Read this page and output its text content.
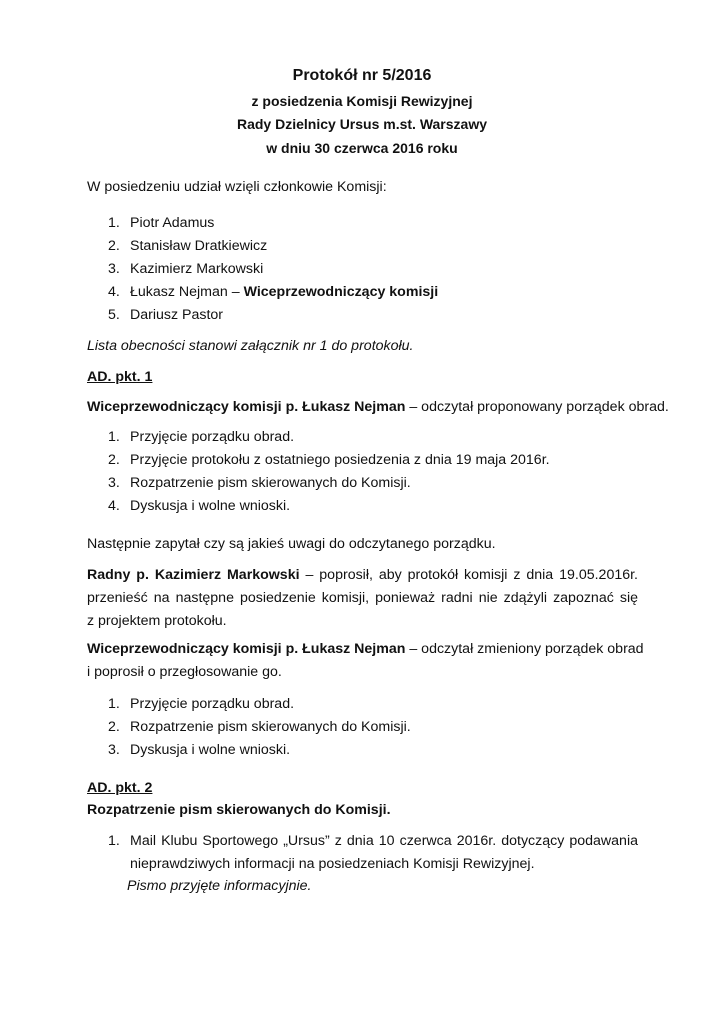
Protokół nr 5/2016
z posiedzenia Komisji Rewizyjnej
Rady Dzielnicy Ursus m.st. Warszawy
w dniu 30 czerwca 2016 roku
W posiedzeniu udział wzięli członkowie Komisji:
1. Piotr Adamus
2. Stanisław Dratkiewicz
3. Kazimierz Markowski
4. Łukasz Nejman – Wiceprzewodniczący komisji
5. Dariusz Pastor
Lista obecności stanowi załącznik nr 1 do protokołu.
AD. pkt. 1
Wiceprzewodniczący komisji p. Łukasz Nejman – odczytał proponowany porządek obrad.
1. Przyjęcie porządku obrad.
2. Przyjęcie protokołu z ostatniego posiedzenia z dnia 19 maja 2016r.
3. Rozpatrzenie pism skierowanych do Komisji.
4. Dyskusja i wolne wnioski.
Następnie zapytał czy są jakieś uwagi do odczytanego porządku.
Radny p. Kazimierz Markowski – poprosił, aby protokół komisji z dnia 19.05.2016r.
przenieść na następne posiedzenie komisji, ponieważ radni nie zdążyli zapoznać się
z projektem protokołu.
Wiceprzewodniczący komisji p. Łukasz Nejman – odczytał zmieniony porządek obrad
i poprosił o przegłosowanie go.
1. Przyjęcie porządku obrad.
2. Rozpatrzenie pism skierowanych do Komisji.
3. Dyskusja i wolne wnioski.
AD. pkt. 2
Rozpatrzenie pism skierowanych do Komisji.
1. Mail Klubu Sportowego „Ursus” z dnia 10 czerwca 2016r. dotyczący podawania
nieprawdziwych informacji na posiedzeniach Komisji Rewizyjnej.
Pismo przyjęte informacyjnie.
